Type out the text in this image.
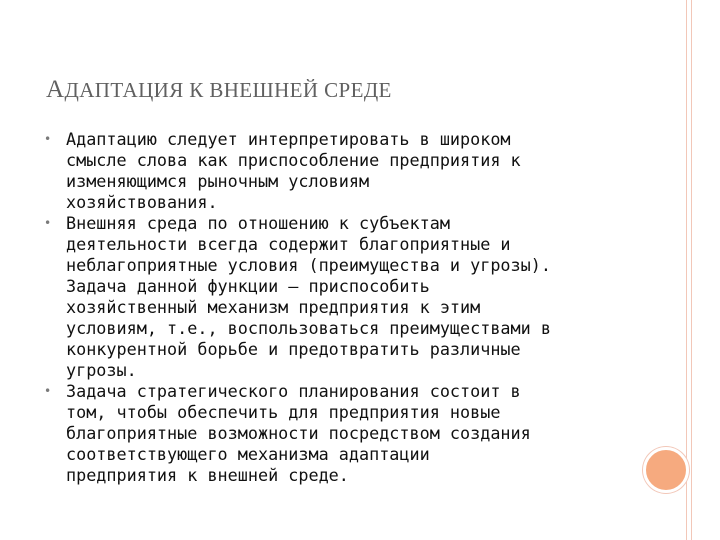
АДАПТАЦИЯ К ВНЕШНЕЙ СРЕДЕ
• Адаптацию следует интерпретировать в широком
смысле слова как приспособление предприятия к
изменяющимся рыночным условиям
хозяйствования.
• Внешняя среда по отношению к субъектам
деятельности всегда содержит благоприятные и
неблагоприятные условия (преимущества и угрозы).
Задача данной функции — приспособить
хозяйственный механизм предприятия к этим
условиям, т.е., воспользоваться преимуществами в
конкурентной борьбе и предотвратить различные
угрозы.
• Задача стратегического планирования состоит в
том, чтобы обеспечить для предприятия новые
благоприятные возможности посредством создания
соответствующего механизма адаптации
предприятия к внешней среде.
